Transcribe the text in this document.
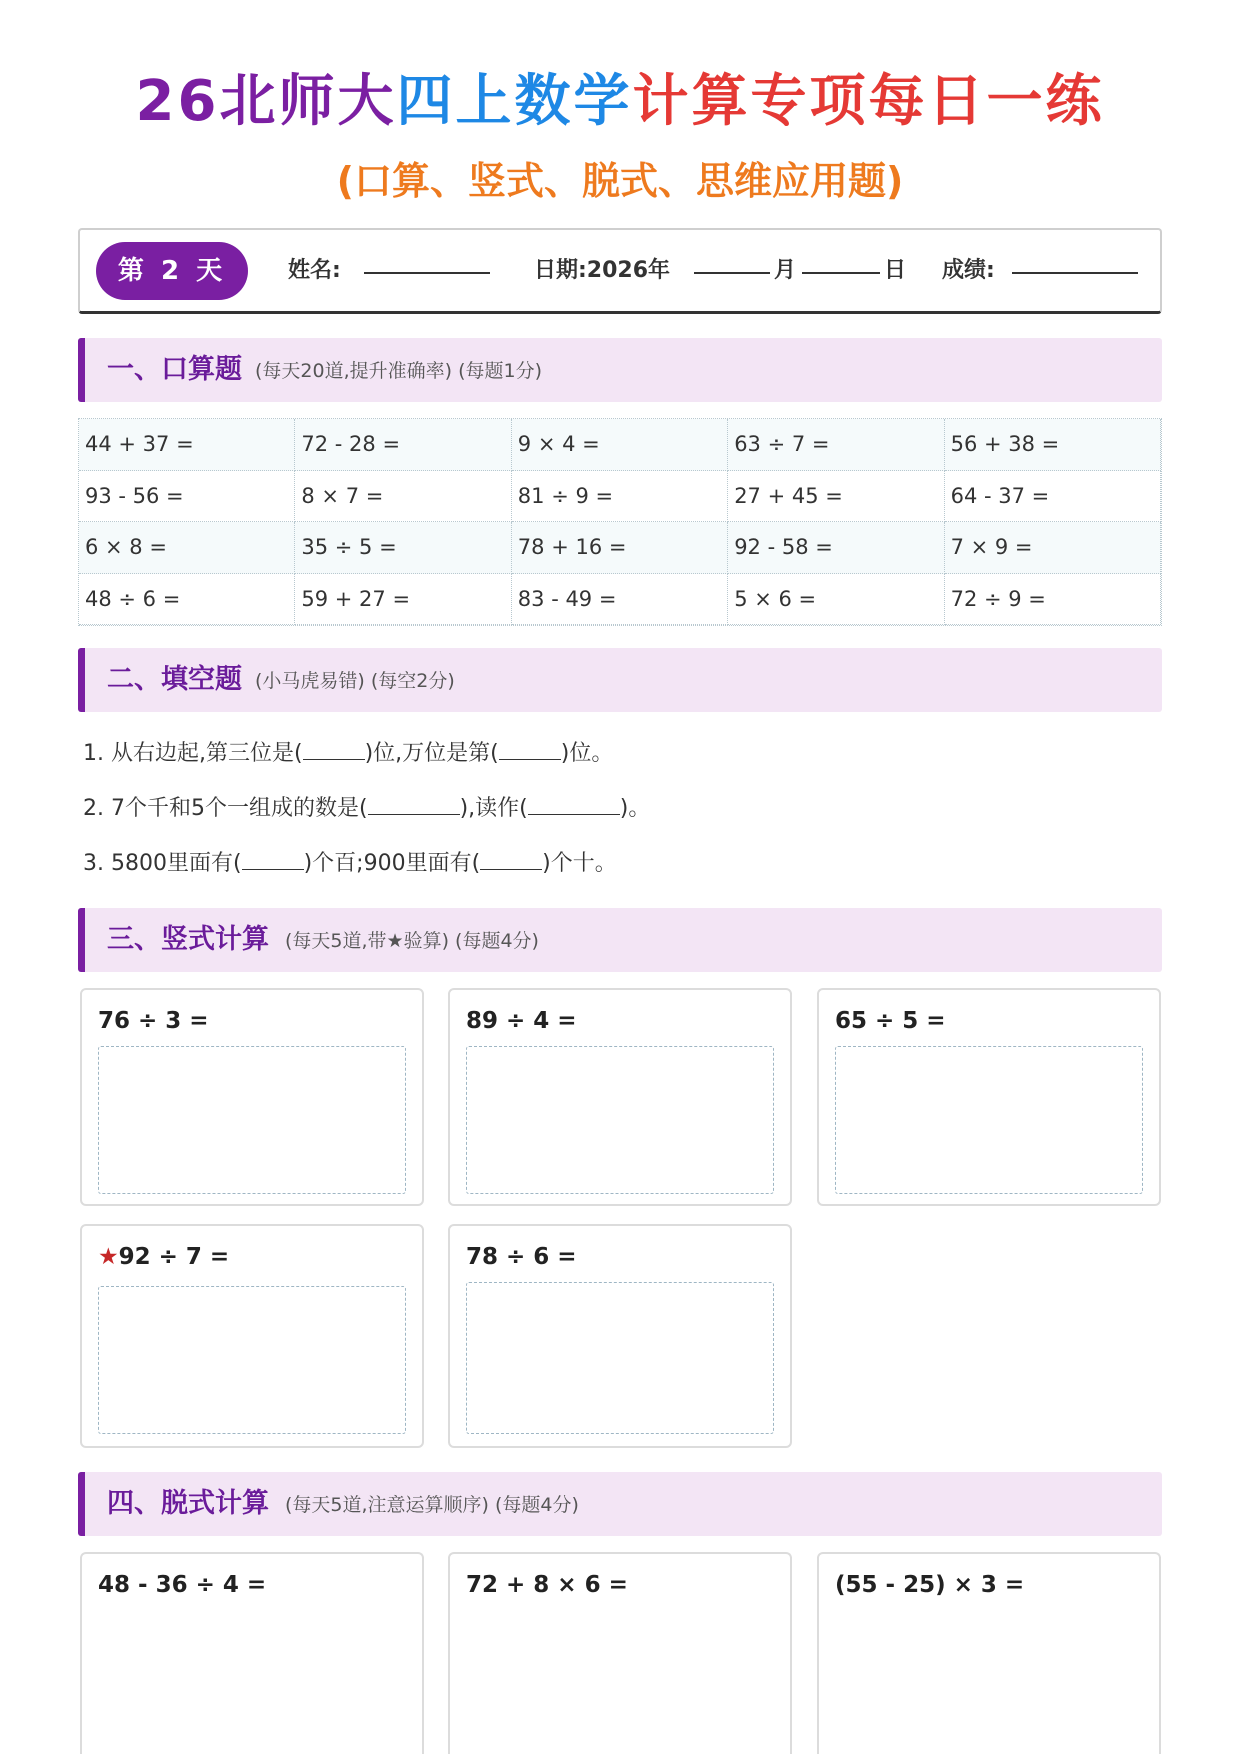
26北师大四上数学计算专项每日一练
(口算、竖式、脱式、思维应用题)
第 2 天	姓名:	日期:2026年	月	日 成绩:
一、口算题 (每天20道,提升准确率) (每题1分)
44 + 37 =	72 - 28 =	9 × 4 =	63 ÷ 7 =	56 + 38 =
93 - 56 =	8 × 7 =	81 ÷ 9 =	27 + 45 =	64 - 37 =
6 × 8 =	35 ÷ 5 =	78 + 16 =	92 - 58 =	7 × 9 =
48 ÷ 6 =	59 + 27 =	83 - 49 =	5 × 6 =	72 ÷ 9 =
二、填空题 (小马虎易错) (每空2分)
1. 从右边起,第三位是(	)位,万位是第(	)位。
2. 7个千和5个一组成的数是(	),读作(	)。
3. 5800里面有(	)个百;900里面有(	)个十。
三、竖式计算 (每天5道,带★验算) (每题4分)
76 ÷ 3 =	89 ÷ 4 =	65 ÷ 5 =
★92 ÷ 7 =	78 ÷ 6 =
四、脱式计算 (每天5道,注意运算顺序) (每题4分)
48 - 36 ÷ 4 =	72 + 8 × 6 =	(55 - 25) × 3 =
